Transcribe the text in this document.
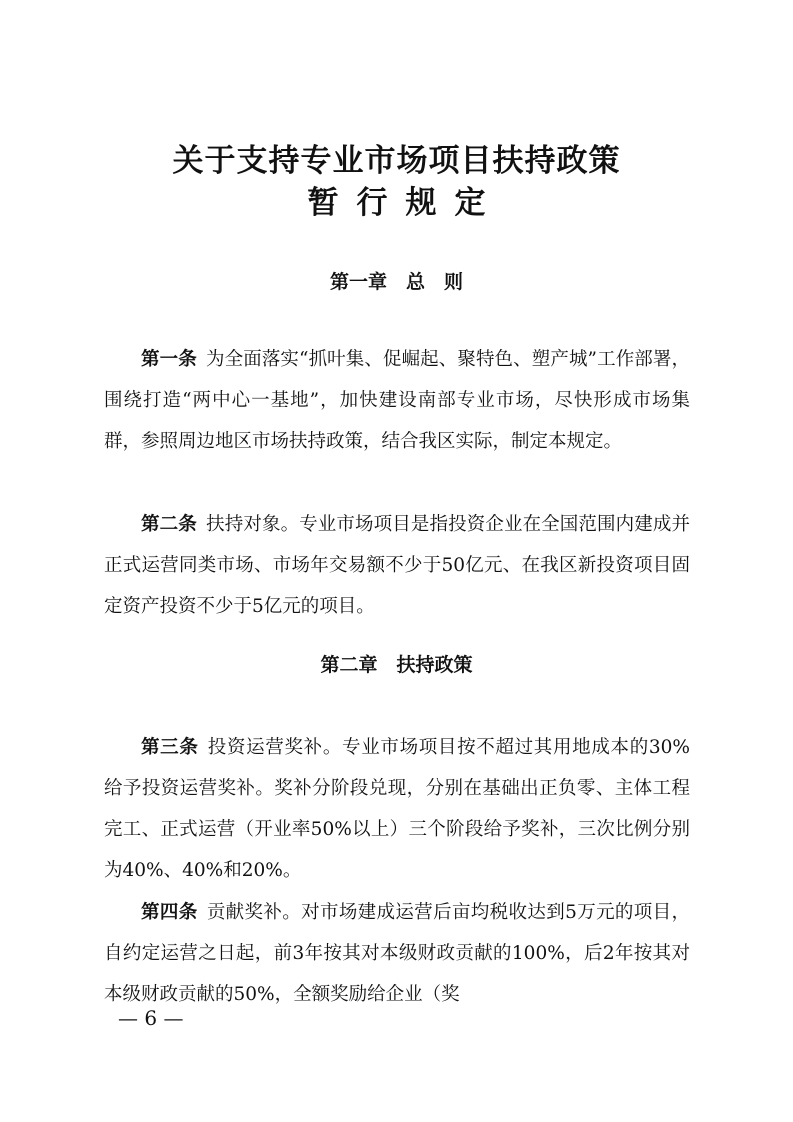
关于支持专业市场项目扶持政策
暂行规定
第一章　总　则

第一条 为全面落实“抓叶集、促崛起、聚特色、塑产城”工作部署，围绕打造“两中心一基地”，加快建设南部专业市场，尽快形成市场集群，参照周边地区市场扶持政策，结合我区实际，制定本规定。

第二条 扶持对象。专业市场项目是指投资企业在全国范围内建成并正式运营同类市场、市场年交易额不少于50亿元、在我区新投资项目固定资产投资不少于5亿元的项目。

第二章　扶持政策

第三条 投资运营奖补。专业市场项目按不超过其用地成本的30%给予投资运营奖补。奖补分阶段兑现，分别在基础出正负零、主体工程完工、正式运营（开业率50%以上）三个阶段给予奖补，三次比例分别为40%、40%和20%。

第四条 贡献奖补。对市场建成运营后亩均税收达到5万元的项目，自约定运营之日起，前3年按其对本级财政贡献的100%，后2年按其对本级财政贡献的50%，全额奖励给企业（奖

— 6 —
